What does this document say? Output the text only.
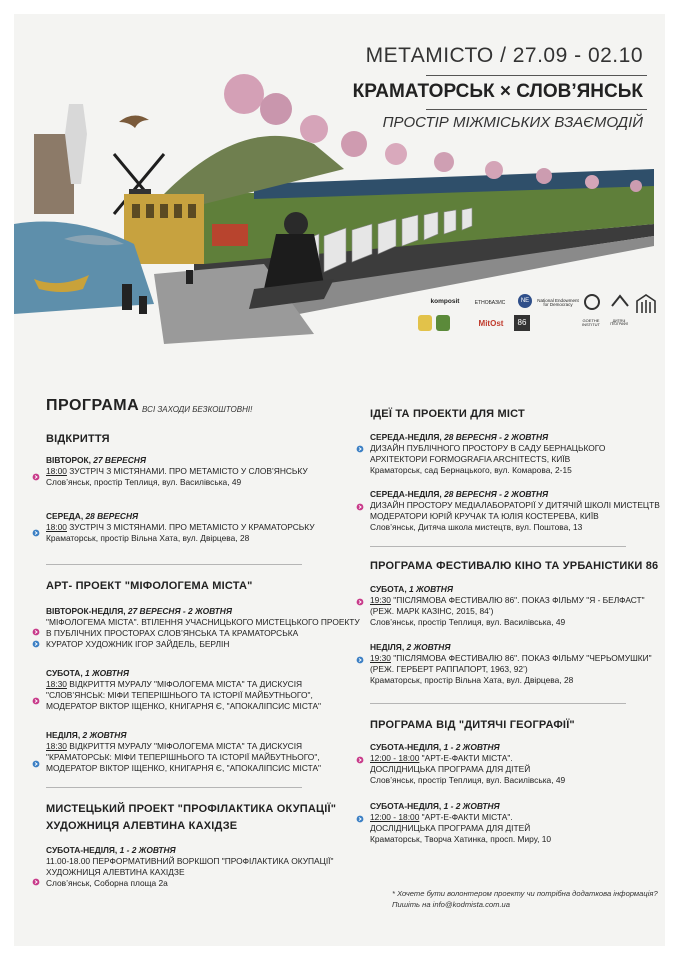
МЕТАМІСТО / 27.09 - 02.10
КРАМАТОРСЬК × СЛОВ’ЯНСЬК
ПРОСТІР МІЖМІСЬКИХ ВЗАЄМОДІЙ
komposit	ЕТНОБАЗИС	NE	National Endowment for Democracy
MitOst	86	GOETHE INSTITUT
ДИТЯЧІ ГЕОГРАФІЇ
ПРОГРАМА ВСІ ЗАХОДИ БЕЗКОШТОВНІ!
ВІДКРИТТЯ
ВІВТОРОК, 27 ВЕРЕСНЯ
18:00 ЗУСТРІЧ З МІСТЯНАМИ. ПРО МЕТАМІСТО У СЛОВ’ЯНСЬКУ
Слов’янськ, простір Теплиця, вул. Василівська, 49
СЕРЕДА, 28 ВЕРЕСНЯ
18:00 ЗУСТРІЧ З МІСТЯНАМИ. ПРО МЕТАМІСТО У КРАМАТОРСЬКУ
Краматорськ, простір Вільна Хата, вул. Двірцева, 28
АРТ- ПРОЕКТ "МІФОЛОГЕМА МІСТА"
ВІВТОРОК-НЕДІЛЯ, 27 ВЕРЕСНЯ - 2 ЖОВТНЯ
"МІФОЛОГЕМА МІСТА". ВТІЛЕННЯ УЧАСНИЦЬКОГО МИСТЕЦЬКОГО ПРОЕКТУ
В ПУБЛІЧНИХ ПРОСТОРАХ СЛОВ’ЯНСЬКА ТА КРАМАТОРСЬКА
КУРАТОР ХУДОЖНИК ІГОР ЗАЙДЕЛЬ, БЕРЛІН
СУБОТА, 1 ЖОВТНЯ
18:30 ВІДКРИТТЯ МУРАЛУ "МІФОЛОГЕМА МІСТА" ТА ДИСКУСІЯ
"СЛОВ’ЯНСЬК: МІФИ ТЕПЕРІШНЬОГО ТА ІСТОРІЇ МАЙБУТНЬОГО",
МОДЕРАТОР ВІКТОР ІЩЕНКО, КНИГАРНЯ Є, "АПОКАЛІПСИС МІСТА"
НЕДІЛЯ, 2 ЖОВТНЯ
18:30 ВІДКРИТТЯ МУРАЛУ "МІФОЛОГЕМА МІСТА" ТА ДИСКУСІЯ
"КРАМАТОРСЬК: МІФИ ТЕПЕРІШНЬОГО ТА ІСТОРІЇ МАЙБУТНЬОГО",
МОДЕРАТОР ВІКТОР ІЩЕНКО, КНИГАРНЯ Є, "АПОКАЛІПСИС МІСТА"
МИСТЕЦЬКИЙ ПРОЕКТ "ПРОФІЛАКТИКА ОКУПАЦІЇ"
ХУДОЖНИЦЯ АЛЕВТИНА КАХІДЗЕ
СУБОТА-НЕДІЛЯ, 1 - 2 ЖОВТНЯ
11.00-18.00 ПЕРФОРМАТИВНИЙ ВОРКШОП "ПРОФІЛАКТИКА ОКУПАЦІЇ"
ХУДОЖНИЦЯ АЛЕВТИНА КАХІДЗЕ
Слов’янськ, Соборна площа 2а
ІДЕЇ ТА ПРОЕКТИ ДЛЯ МІСТ
СЕРЕДА-НЕДІЛЯ, 28 ВЕРЕСНЯ - 2 ЖОВТНЯ
ДИЗАЙН ПУБЛІЧНОГО ПРОСТОРУ В САДУ БЕРНАЦЬКОГО
АРХІТЕКТОРИ FORMOGRAFIA ARCHITECTS, КИЇВ
Краматорськ, сад Бернацького, вул. Комарова, 2-15
СЕРЕДА-НЕДІЛЯ, 28 ВЕРЕСНЯ - 2 ЖОВТНЯ
ДИЗАЙН ПРОСТОРУ МЕДІАЛАБОРАТОРІЇ У ДИТЯЧІЙ ШКОЛІ МИСТЕЦТВ
МОДЕРАТОРИ ЮРІЙ КРУЧАК ТА ЮЛІЯ КОСТЕРЕВА, КИЇВ
Слов’янськ, Дитяча школа мистецтв, вул. Поштова, 13
ПРОГРАМА ФЕСТИВАЛЮ КІНО ТА УРБАНІСТИКИ 86
СУБОТА, 1 ЖОВТНЯ
19:30 "ПІСЛЯМОВА ФЕСТИВАЛЮ 86". ПОКАЗ ФІЛЬМУ "Я - БЕЛФАСТ"
(РЕЖ. МАРК КАЗІНС, 2015, 84’)
Слов’янськ, простір Теплиця, вул. Василівська, 49
НЕДІЛЯ, 2 ЖОВТНЯ
19:30 "ПІСЛЯМОВА ФЕСТИВАЛЮ 86". ПОКАЗ ФІЛЬМУ "ЧЕРЬОМУШКИ"
(РЕЖ. ГЕРБЕРТ РАППАПОРТ, 1963, 92’)
Краматорськ, простір Вільна Хата, вул. Двірцева, 28
ПРОГРАМА ВІД "ДИТЯЧІ ГЕОГРАФІЇ"
СУБОТА-НЕДІЛЯ, 1 - 2 ЖОВТНЯ
12:00 - 18:00 "АРТ-Е-ФАКТИ МІСТА".
ДОСЛІДНИЦЬКА ПРОГРАМА ДЛЯ ДІТЕЙ
Слов’янськ, простір Теплиця, вул. Василівська, 49
СУБОТА-НЕДІЛЯ, 1 - 2 ЖОВТНЯ
12:00 - 18:00 "АРТ-Е-ФАКТИ МІСТА".
ДОСЛІДНИЦЬКА ПРОГРАМА ДЛЯ ДІТЕЙ
Краматорськ, Творча Хатинка, просп. Миру, 10
* Хочете бути волонтером проекту чи потрібна додаткова інформація?
Пишіть на info@kodmista.com.ua
